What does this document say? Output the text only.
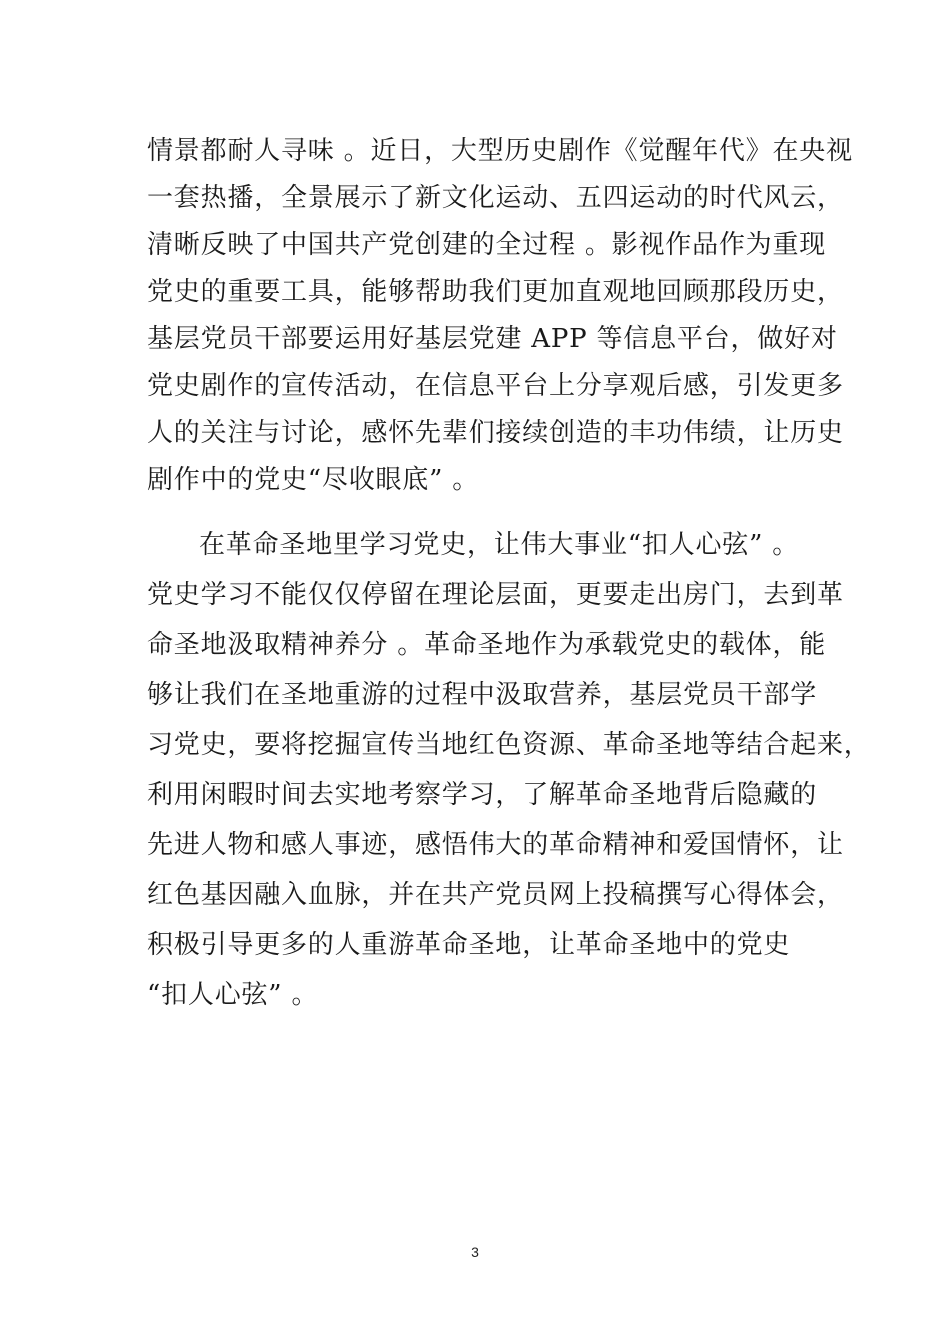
情景都耐人寻味 。近日，大型历史剧作《觉醒年代》在央视
一套热播，全景展示了新文化运动、五四运动的时代风云，
清晰反映了中国共产党创建的全过程 。影视作品作为重现
党史的重要工具，能够帮助我们更加直观地回顾那段历史，
基层党员干部要运用好基层党建 APP 等信息平台，做好对
党史剧作的宣传活动，在信息平台上分享观后感，引发更多
人的关注与讨论，感怀先辈们接续创造的丰功伟绩，让历史
剧作中的党史“尽收眼底” 。
在革命圣地里学习党史，让伟大事业“扣人心弦” 。
党史学习不能仅仅停留在理论层面，更要走出房门，去到革
命圣地汲取精神养分 。革命圣地作为承载党史的载体，能
够让我们在圣地重游的过程中汲取营养，基层党员干部学
习党史，要将挖掘宣传当地红色资源、革命圣地等结合起来，
利用闲暇时间去实地考察学习，了解革命圣地背后隐藏的
先进人物和感人事迹，感悟伟大的革命精神和爱国情怀，让
红色基因融入血脉，并在共产党员网上投稿撰写心得体会，
积极引导更多的人重游革命圣地，让革命圣地中的党史
“扣人心弦” 。
3
